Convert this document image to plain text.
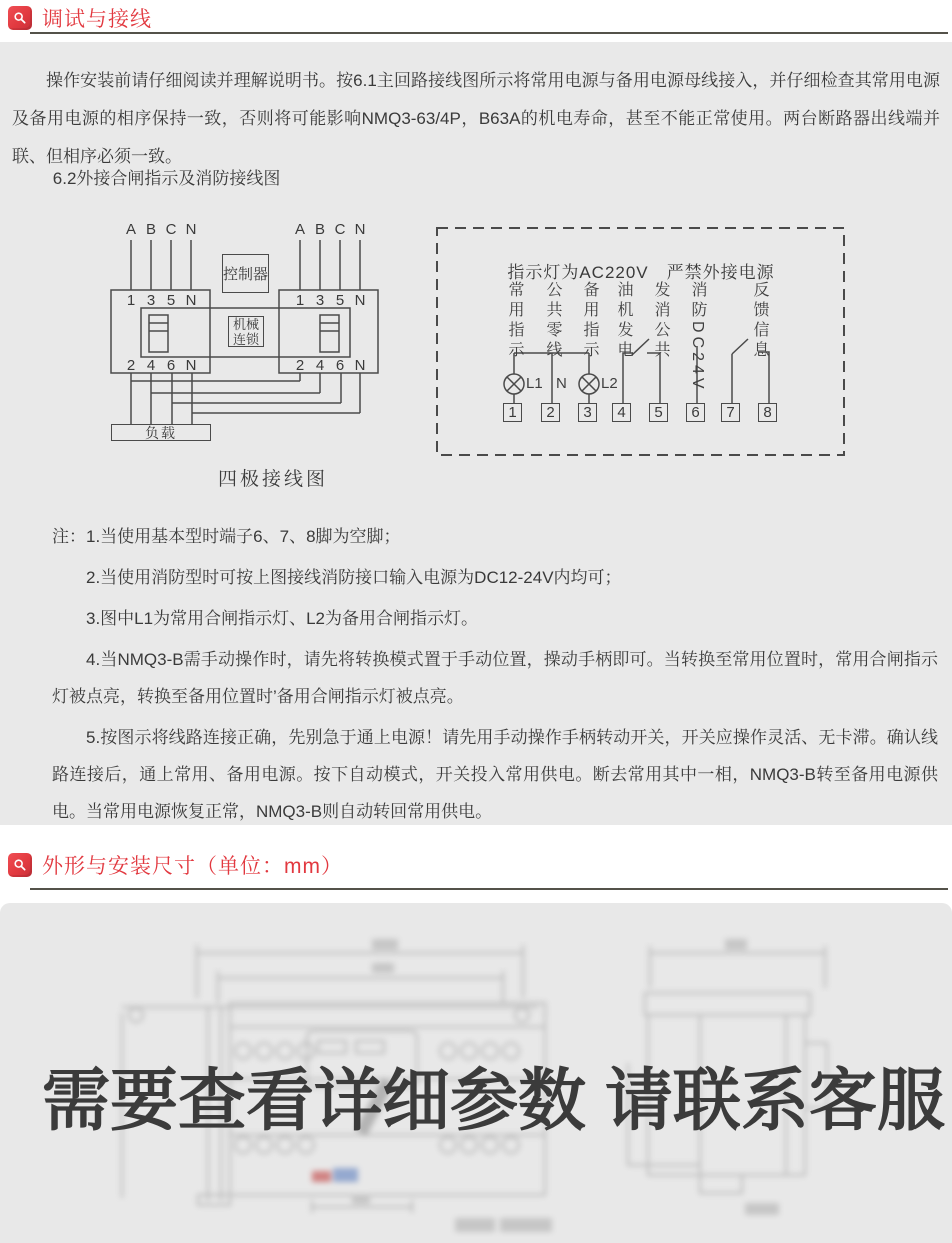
调试与接线

操作安装前请仔细阅读并理解说明书。按6.1主回路接线图所示将常用电源与备用电源母线接入，并仔细检查其常用电源及备用电源的相序保持一致，否则将可能影响NMQ3-63/4P，B63A的机电寿命，甚至不能正常使用。两台断路器出线端并联、但相序必须一致。

6.2外接合闸指示及消防接线图

A B C N	A B C N
1 3 5 N	1 3 5 N
2 4 6 N	2 4 6 N
控制器
机械
连锁
负载
指示灯为AC220V　严禁外接电源
常用指示 公共零线 备用指示 油机发电 发消公共 消防DC24V	反馈信息
L1 N L2
1	2	3	4	5	6	7	8
四极接线图

注：1.当使用基本型时端子6、7、8脚为空脚；

2.当使用消防型时可按上图接线消防接口输入电源为DC12-24V内均可；

3.图中L1为常用合闸指示灯、L2为备用合闸指示灯。

4.当NMQ3-B需手动操作时，请先将转换模式置于手动位置，操动手柄即可。当转换至常用位置时，常用合闸指示灯被点亮，转换至备用位置时’备用合闸指示灯被点亮。

5.按图示将线路连接正确，先别急于通上电源！请先用手动操作手柄转动开关，开关应操作灵活、无卡滞。确认线路连接后，通上常用、备用电源。按下自动模式，开关投入常用供电。断去常用其中一相，NMQ3-B转至备用电源供电。当常用电源恢复正常，NMQ3-B则自动转回常用供电。

外形与安装尺寸（单位：mm）
需要查看详细参数 请联系客服
